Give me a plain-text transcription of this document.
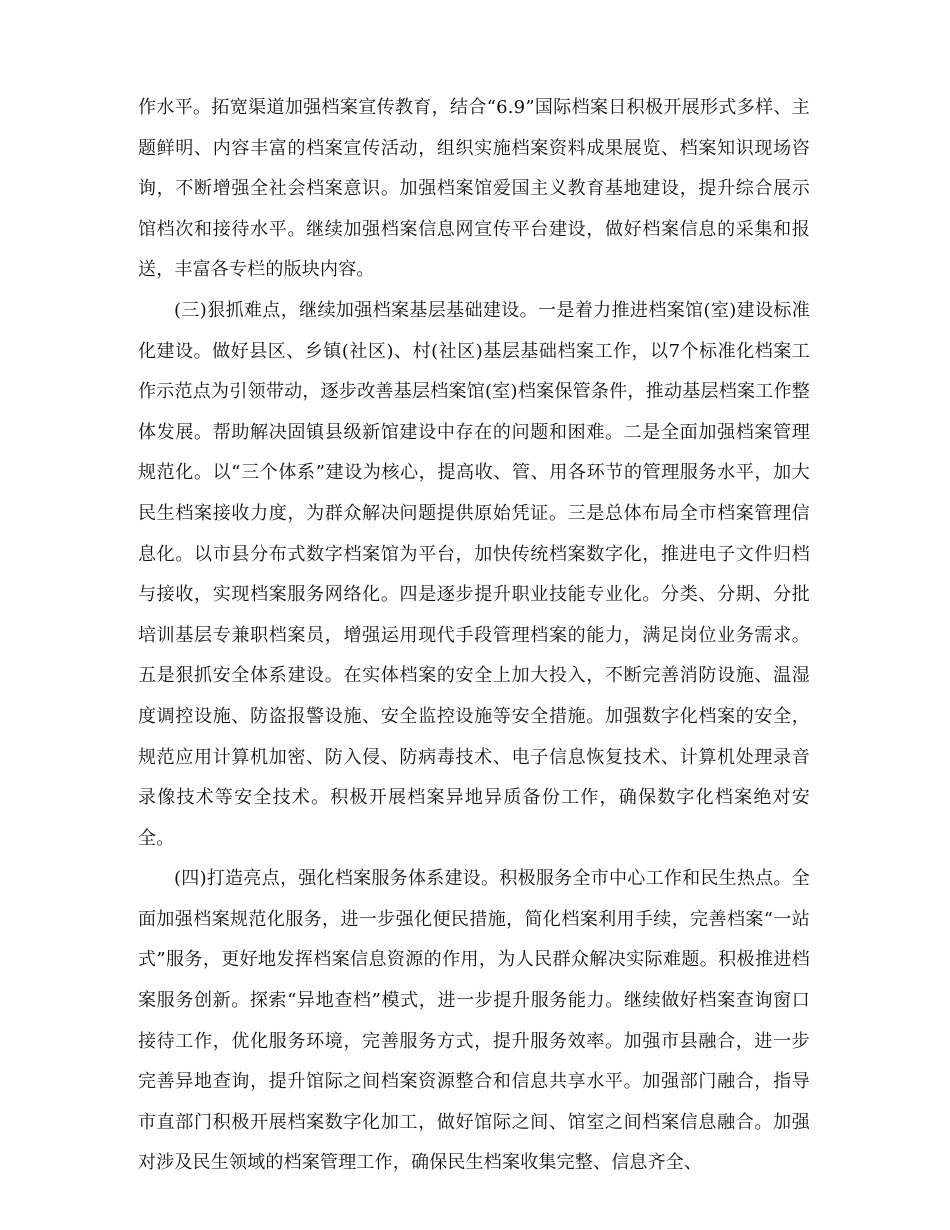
作水平。拓宽渠道加强档案宣传教育，结合“6.9”国际档案日积极开展形式多样、主题鲜明、内容丰富的档案宣传活动，组织实施档案资料成果展览、档案知识现场咨询，不断增强全社会档案意识。加强档案馆爱国主义教育基地建设，提升综合展示馆档次和接待水平。继续加强档案信息网宣传平台建设，做好档案信息的采集和报送，丰富各专栏的版块内容。

(三)狠抓难点，继续加强档案基层基础建设。一是着力推进档案馆(室)建设标准化建设。做好县区、乡镇(社区)、村(社区)基层基础档案工作，以7个标准化档案工作示范点为引领带动，逐步改善基层档案馆(室)档案保管条件，推动基层档案工作整体发展。帮助解决固镇县级新馆建设中存在的问题和困难。二是全面加强档案管理规范化。以“三个体系”建设为核心，提高收、管、用各环节的管理服务水平，加大民生档案接收力度，为群众解决问题提供原始凭证。三是总体布局全市档案管理信息化。以市县分布式数字档案馆为平台，加快传统档案数字化，推进电子文件归档与接收，实现档案服务网络化。四是逐步提升职业技能专业化。分类、分期、分批培训基层专兼职档案员，增强运用现代手段管理档案的能力，满足岗位业务需求。五是狠抓安全体系建设。在实体档案的安全上加大投入，不断完善消防设施、温湿度调控设施、防盗报警设施、安全监控设施等安全措施。加强数字化档案的安全，规范应用计算机加密、防入侵、防病毒技术、电子信息恢复技术、计算机处理录音录像技术等安全技术。积极开展档案异地异质备份工作，确保数字化档案绝对安全。

(四)打造亮点，强化档案服务体系建设。积极服务全市中心工作和民生热点。全面加强档案规范化服务，进一步强化便民措施，简化档案利用手续，完善档案“一站式”服务，更好地发挥档案信息资源的作用，为人民群众解决实际难题。积极推进档案服务创新。探索“异地查档”模式，进一步提升服务能力。继续做好档案查询窗口接待工作，优化服务环境，完善服务方式，提升服务效率。加强市县融合，进一步完善异地查询，提升馆际之间档案资源整合和信息共享水平。加强部门融合，指导市直部门积极开展档案数字化加工，做好馆际之间、馆室之间档案信息融合。加强对涉及民生领域的档案管理工作，确保民生档案收集完整、信息齐全、
